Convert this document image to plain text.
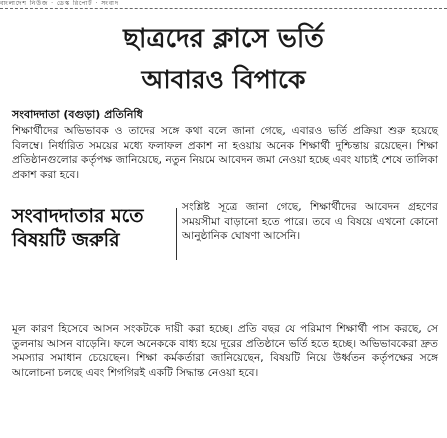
বাংলাদেশ নিউজ · ডেস্ক রিপোর্ট · সংবাদ
ছাত্রদের ক্লাসে ভর্তি
আবারও বিপাকে
সংবাদদাতা (বগুড়া) প্রতিনিধি
শিক্ষার্থীদের অভিভাবক ও তাদের সঙ্গে কথা বলে জানা গেছে, এবারও ভর্তি প্রক্রিয়া শুরু হয়েছে বিলম্বে। নির্ধারিত সময়ের মধ্যে ফলাফল প্রকাশ না হওয়ায় অনেক শিক্ষার্থী দুশ্চিন্তায় রয়েছেন। শিক্ষা প্রতিষ্ঠানগুলোর কর্তৃপক্ষ জানিয়েছে, নতুন নিয়মে আবেদন জমা নেওয়া হচ্ছে এবং যাচাই শেষে তালিকা প্রকাশ করা হবে।
সংবাদদাতার মতে বিষয়টি জরুরি
সংশ্লিষ্ট সূত্রে জানা গেছে, শিক্ষার্থীদের আবেদন গ্রহণের সময়সীমা বাড়ানো হতে পারে। তবে এ বিষয়ে এখনো কোনো আনুষ্ঠানিক ঘোষণা আসেনি।
মূল কারণ হিসেবে আসন সংকটকে দায়ী করা হচ্ছে। প্রতি বছর যে পরিমাণ শিক্ষার্থী পাস করছে, সে তুলনায় আসন বাড়েনি। ফলে অনেককে বাধ্য হয়ে দূরের প্রতিষ্ঠানে ভর্তি হতে হচ্ছে। অভিভাবকেরা দ্রুত সমস্যার সমাধান চেয়েছেন। শিক্ষা কর্মকর্তারা জানিয়েছেন, বিষয়টি নিয়ে উর্ধ্বতন কর্তৃপক্ষের সঙ্গে আলোচনা চলছে এবং শিগগিরই একটি সিদ্ধান্ত নেওয়া হবে।
